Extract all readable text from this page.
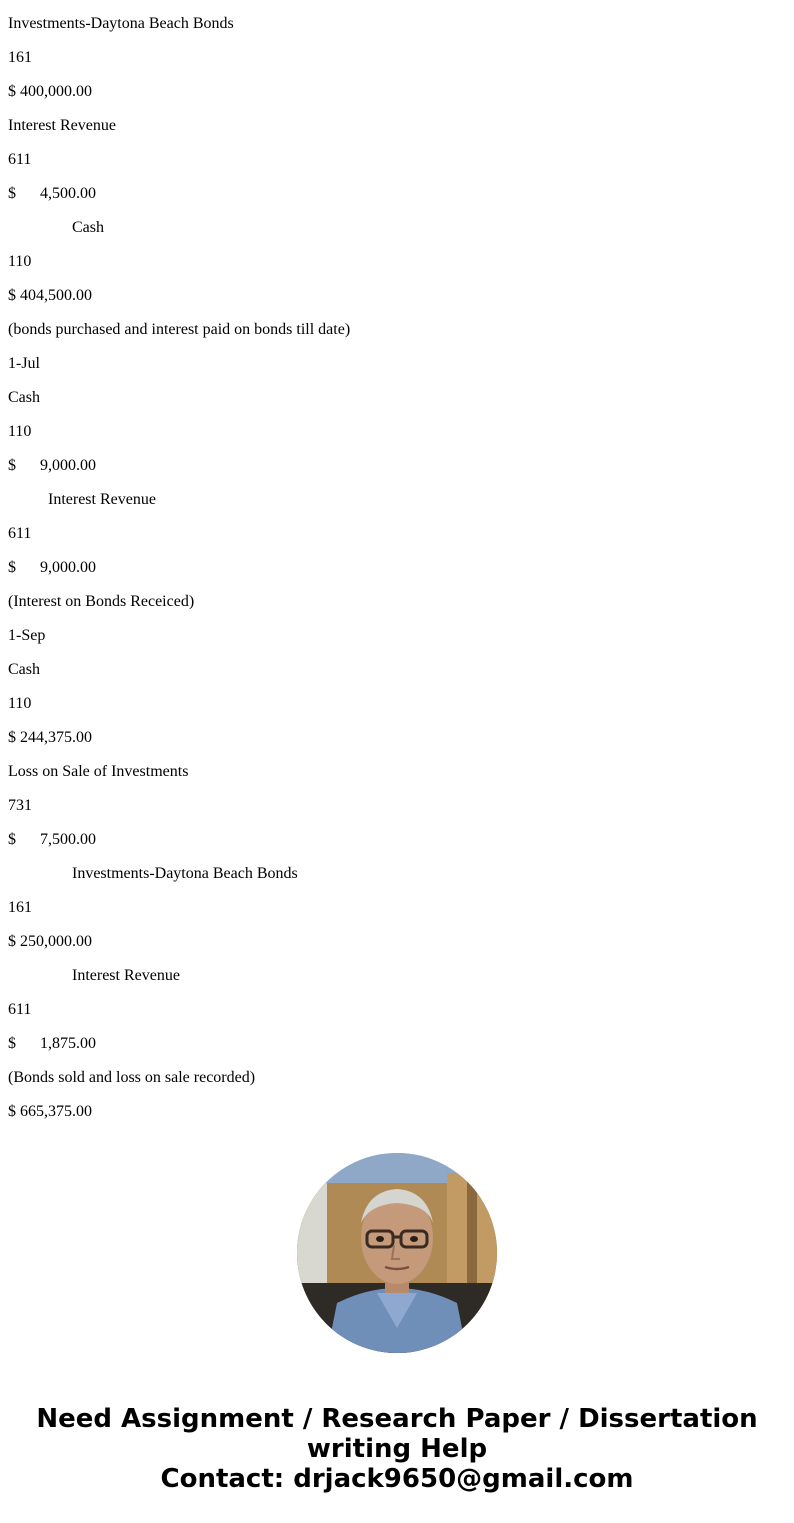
Investments-Daytona Beach Bonds

161

$ 400,000.00

Interest Revenue

611

$ 4,500.00

Cash

110

$ 404,500.00

(bonds purchased and interest paid on bonds till date)

1-Jul

Cash

110

$ 9,000.00

Interest Revenue

611

$ 9,000.00

(Interest on Bonds Receiced)

1-Sep

Cash

110

$ 244,375.00

Loss on Sale of Investments

731

$ 7,500.00

Investments-Daytona Beach Bonds

161

$ 250,000.00

Interest Revenue

611

$ 1,875.00

(Bonds sold and loss on sale recorded)

$ 665,375.00

Need Assignment / Research Paper / Dissertation
writing Help
Contact: drjack9650@gmail.com
